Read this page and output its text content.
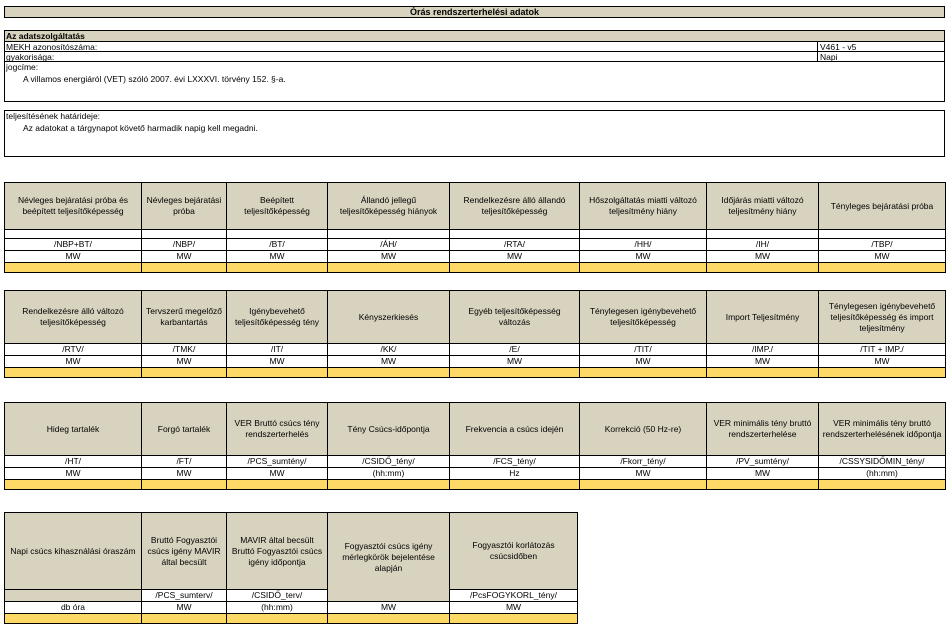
Órás rendszerterhelési adatok
Az adatszolgáltatás
MEKH azonosítószáma:	V461 - v5
gyakorisága:	Napi
jogcíme:
A villamos energiáról (VET) szóló 2007. évi LXXXVI. törvény 152. §-a.
teljesítésének határideje:
Az adatokat a tárgynapot követő harmadik napig kell megadni.
Névleges bejáratási próba és beépített teljesítőképesség	Névleges bejáratási próba	Beépített teljesítőképesség	Állandó jellegű teljesítőképesség hiányok	Rendelkezésre álló állandó teljesítőképesség	Hőszolgáltatás miatti változó teljesítmény hiány	Időjárás miatti változó teljesítmény hiány	Tényleges bejáratási próba

/NBP+BT/	/NBP/	/BT/	/ÁH/	/RTA/	/HH/	/IH/	/TBP/
MW	MW	MW	MW	MW	MW	MW	MW

Rendelkezésre álló változó teljesítőképesség	Tervszerű megelőző karbantartás	Igénybevehető teljesítőképesség tény	Kényszerkiesés	Egyéb teljesítőképesség változás	Ténylegesen igénybevehető teljesítőképesség	Import Teljesítmény	Ténylegesen igénybevehető teljesítőképesség és import teljesítmény
/RTV/	/TMK/	/IT/	/KK/	/E/	/TIT/	/IMP./	/TIT + IMP./
MW	MW	MW	MW	MW	MW	MW	MW

Hideg tartalék	Forgó tartalék	VER Bruttó csúcs tény rendszerterhelés	Tény Csúcs-időpontja	Frekvencia a csúcs idején	Korrekció (50 Hz-re)	VER minimális tény bruttó rendszerterhelése	VER minimális tény bruttó rendszerterhelésének időpontja
/HT/	/FT/	/PCS_sumtény/	/CSIDŐ_tény/	/FCS_tény/	/Fkorr_tény/	/PV_sumtény/	/CSSYSIDŐMIN_tény/
MW	MW	MW	(hh:mm)	Hz	MW	MW	(hh:mm)

Napi csúcs kihasználási óraszám	Bruttó Fogyasztói csúcs igény MAVIR által becsült	MAVIR által becsült Bruttó Fogyasztói csúcs igény időpontja	Fogyasztói csúcs igény mérlegkörök bejelentése alapján	Fogyasztói korlátozás csúcsidőben
	/PCS_sumterv/	/CSIDŐ_terv/		/PcsFOGYKORL_tény/
db óra	MW	(hh:mm)	MW	MW
